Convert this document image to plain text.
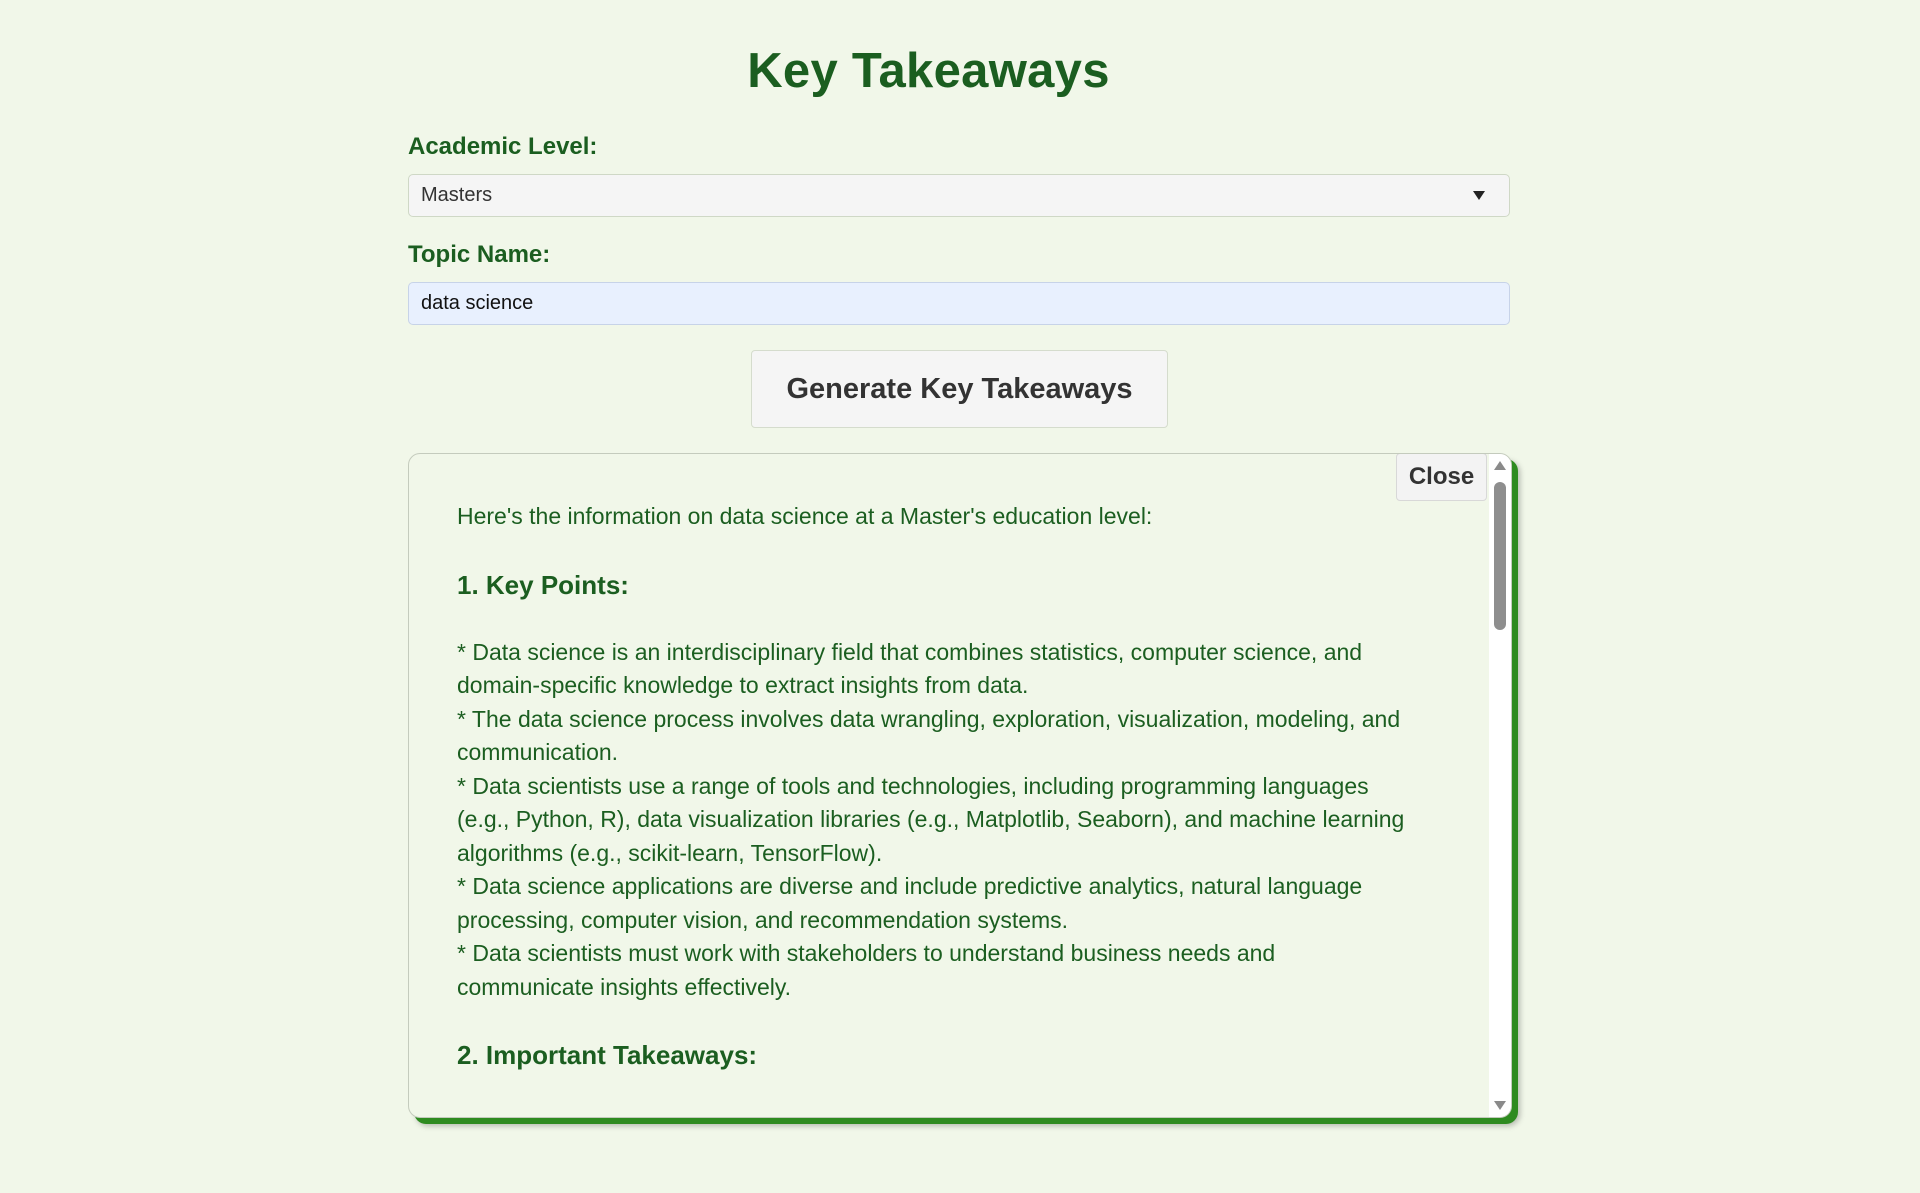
Key Takeaways
Academic Level:
Masters
Topic Name:
data science
Generate Key Takeaways

Here's the information on data science at a Master's education level:

1. Key Points:

* Data science is an interdisciplinary field that combines statistics, computer science, and domain-specific knowledge to extract insights from data.

* The data science process involves data wrangling, exploration, visualization, modeling, and communication.

* Data scientists use a range of tools and technologies, including programming languages (e.g., Python, R), data visualization libraries (e.g., Matplotlib, Seaborn), and machine learning algorithms (e.g., scikit-learn, TensorFlow).

* Data science applications are diverse and include predictive analytics, natural language processing, computer vision, and recommendation systems.

* Data scientists must work with stakeholders to understand business needs and communicate insights effectively.

2. Important Takeaways:
Close
